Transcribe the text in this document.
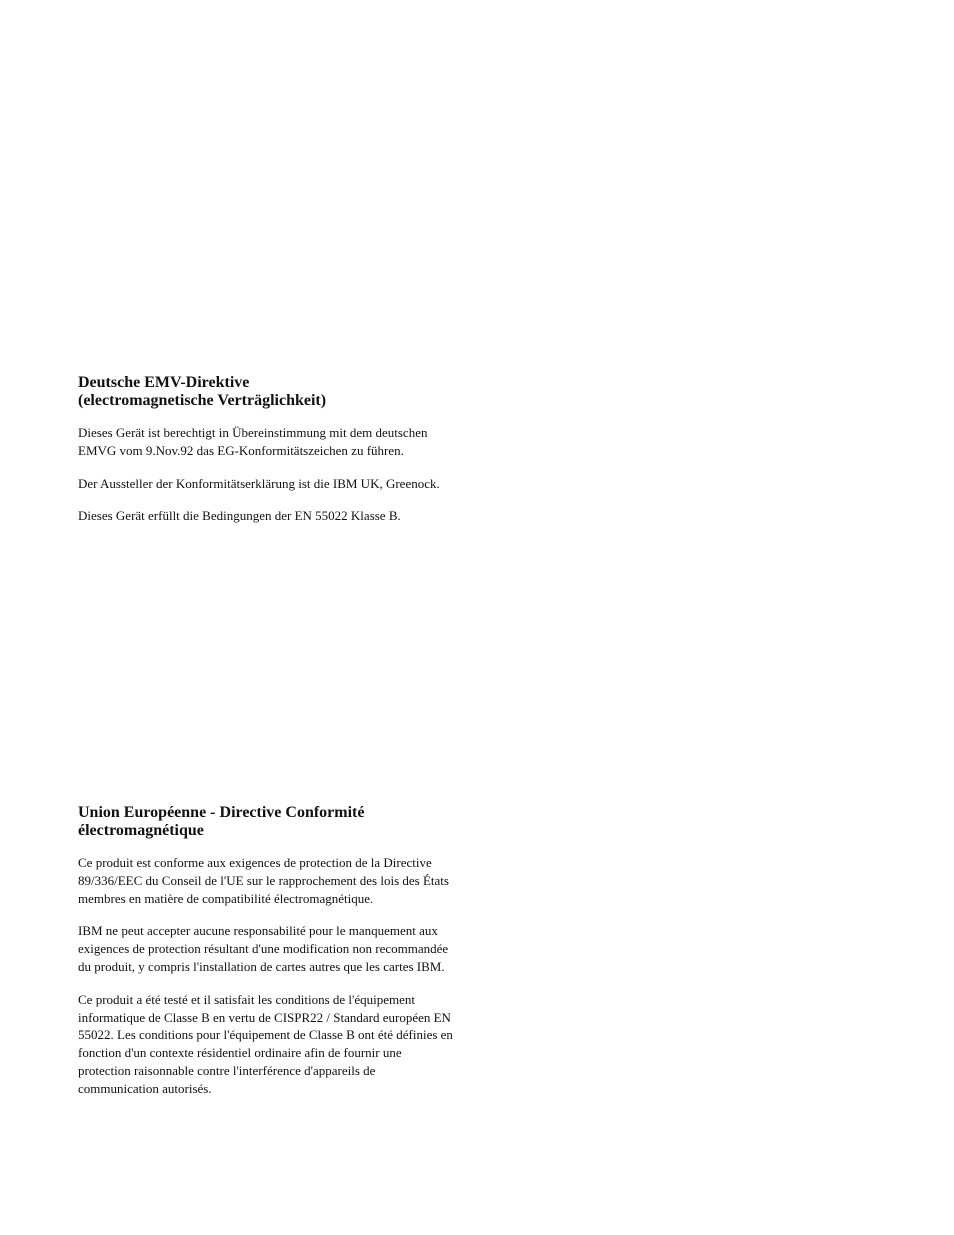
Deutsche EMV-Direktive
(electromagnetische Verträglichkeit)

Dieses Gerät ist berechtigt in Übereinstimmung mit dem deutschen
EMVG vom 9.Nov.92 das EG-Konformitätszeichen zu führen.

Der Aussteller der Konformitätserklärung ist die IBM UK, Greenock.

Dieses Gerät erfüllt die Bedingungen der EN 55022 Klasse B.

Union Européenne - Directive Conformité
électromagnétique

Ce produit est conforme aux exigences de protection de la Directive
89/336/EEC du Conseil de l'UE sur le rapprochement des lois des États
membres en matière de compatibilité électromagnétique.

IBM ne peut accepter aucune responsabilité pour le manquement aux
exigences de protection résultant d'une modification non recommandée
du produit, y compris l'installation de cartes autres que les cartes IBM.

Ce produit a été testé et il satisfait les conditions de l'équipement
informatique de Classe B en vertu de CISPR22 / Standard européen EN
55022. Les conditions pour l'équipement de Classe B ont été définies en
fonction d'un contexte résidentiel ordinaire afin de fournir une
protection raisonnable contre l'interférence d'appareils de
communication autorisés.
